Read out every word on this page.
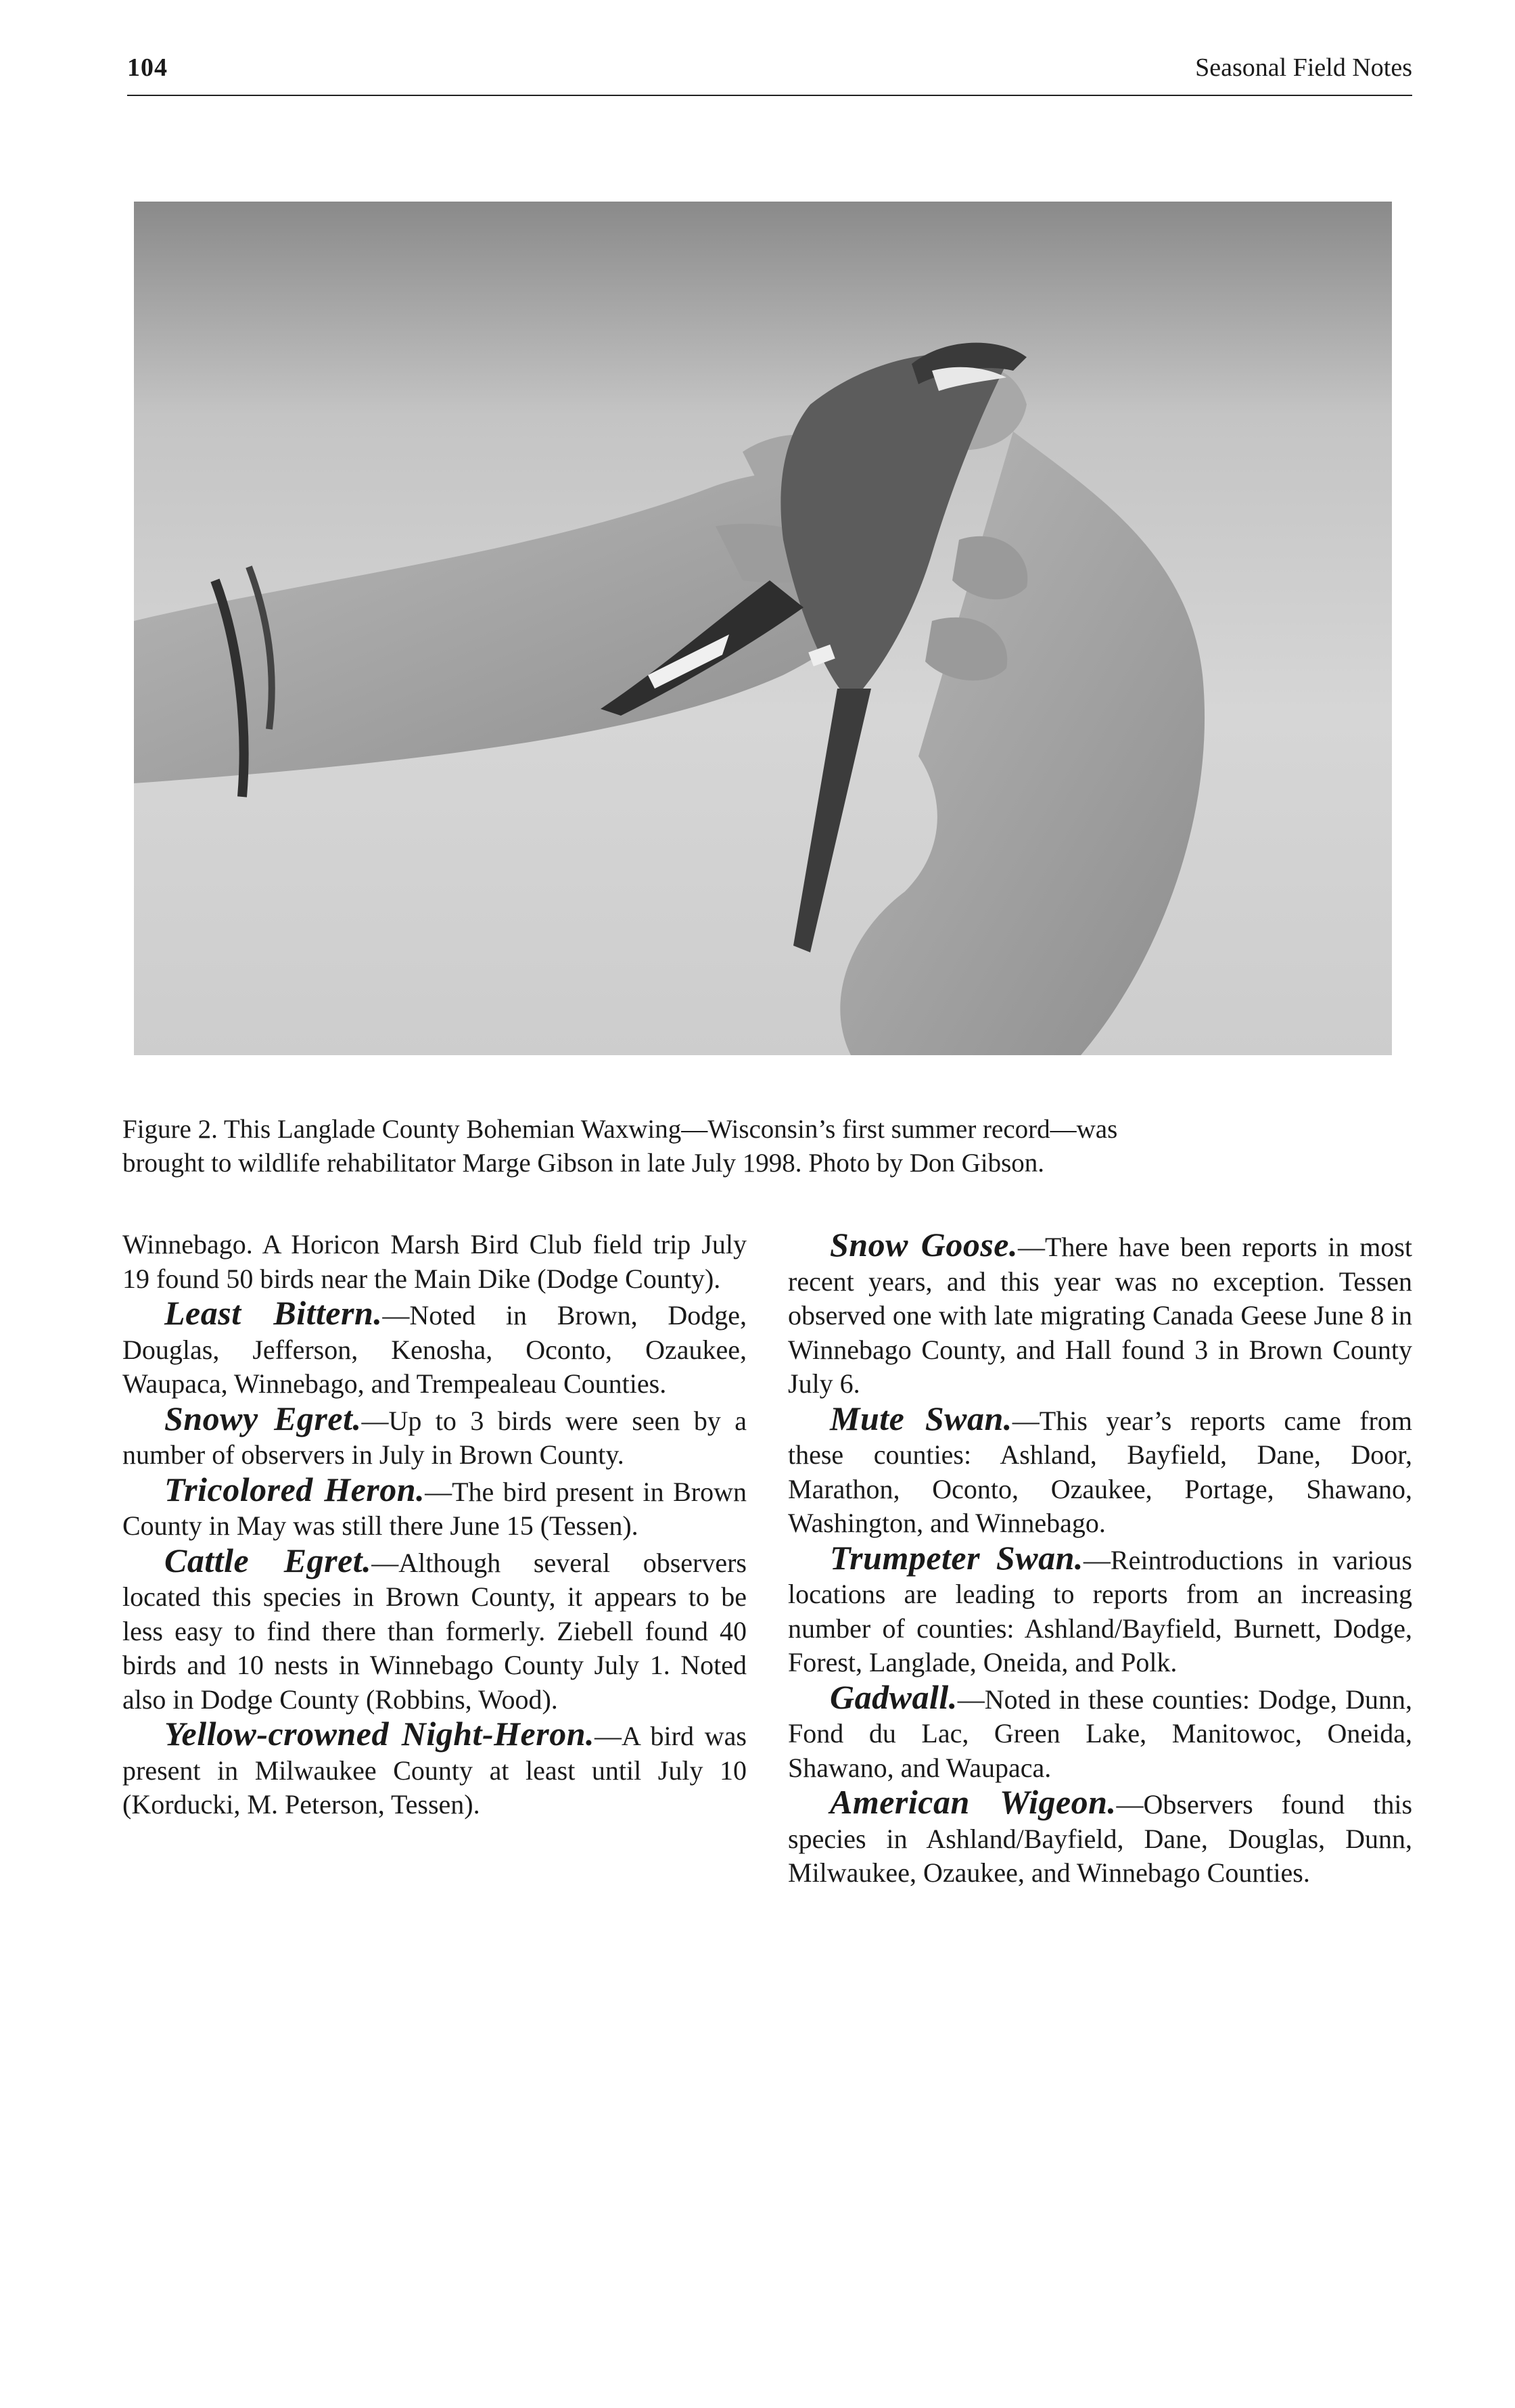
104	Seasonal Field Notes
Figure 2. This Langlade County Bohemian Waxwing—Wisconsin’s first summer record—was
brought to wildlife rehabilitator Marge Gibson in late July 1998. Photo by Don Gibson.

Winnebago. A Horicon Marsh Bird Club field trip July 19 found 50 birds near the Main Dike (Dodge County).

Least Bittern.—Noted in Brown, Dodge, Douglas, Jefferson, Kenosha, Oconto, Ozaukee, Waupaca, Winnebago, and Trempealeau Counties.

Snowy Egret.—Up to 3 birds were seen by a number of observers in July in Brown County.

Tricolored Heron.—The bird present in Brown County in May was still there June 15 (Tessen).

Cattle Egret.—Although several observers located this species in Brown County, it appears to be less easy to find there than formerly. Ziebell found 40 birds and 10 nests in Winnebago County July 1. Noted also in Dodge County (Robbins, Wood).

Yellow-crowned Night-Heron.—A bird was present in Milwaukee County at least until July 10 (Korducki, M. Peterson, Tessen).

Snow Goose.—There have been reports in most recent years, and this year was no exception. Tessen observed one with late migrating Canada Geese June 8 in Winnebago County, and Hall found 3 in Brown County July 6.

Mute Swan.—This year’s reports came from these counties: Ashland, Bayfield, Dane, Door, Marathon, Oconto, Ozaukee, Portage, Shawano, Washington, and Winnebago.

Trumpeter Swan.—Reintroductions in various locations are leading to reports from an increasing number of counties: Ashland/Bayfield, Burnett, Dodge, Forest, Langlade, Oneida, and Polk.

Gadwall.—Noted in these counties: Dodge, Dunn, Fond du Lac, Green Lake, Manitowoc, Oneida, Shawano, and Waupaca.

American Wigeon.—Observers found this species in Ashland/Bayfield, Dane, Douglas, Dunn, Milwaukee, Ozaukee, and Winnebago Counties.
